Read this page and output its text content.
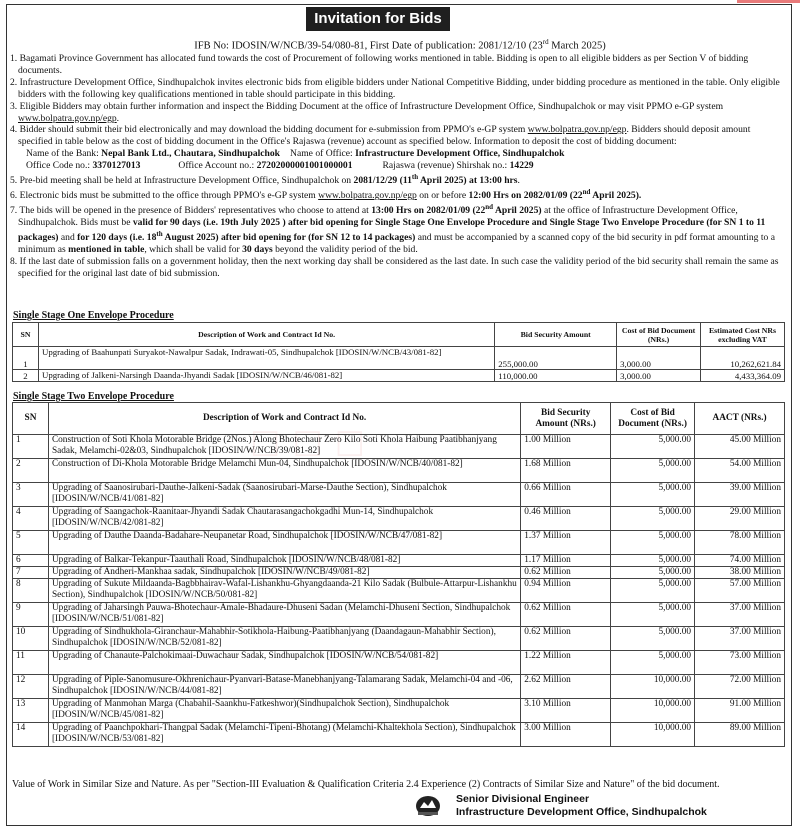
Invitation for Bids
IFB No: IDOSIN/W/NCB/39-54/080-81, First Date of publication: 2081/12/10 (23rd March 2025)
☐ ☐ ☐

1. Bagamati Province Government has allocated fund towards the cost of Procurement of following works mentioned in table. Bidding is open to all eligible bidders as per Section V of bidding documents.

2. Infrastructure Development Office, Sindhupalchok invites electronic bids from eligible bidders under National Competitive Bidding, under bidding procedure as mentioned in the table. Only eligible bidders with the following key qualifications mentioned in table should participate in this bidding.

3. Eligible Bidders may obtain further information and inspect the Bidding Document at the office of Infrastructure Development Office, Sindhupalchok or may visit PPMO e-GP system www.bolpatra.gov.np/egp.

4. Bidder should submit their bid electronically and may download the bidding document for e-submission from PPMO's e-GP system www.bolpatra.gov.np/egp. Bidders should deposit amount specified in table below as the cost of bidding document in the Office's Rajaswa (revenue) account as specified below. Information to deposit the cost of bidding document:

Name of the Bank: Nepal Bank Ltd., Chautara, Sindhupalchok Name of Office: Infrastructure Development Office, Sindhupalchok

Office Code no.: 3370127013	Office Account no.: 27202000001001000001	Rajaswa (revenue) Shirshak no.: 14229

5. Pre-bid meeting shall be held at Infrastructure Development Office, Sindhupalchok on 2081/12/29 (11th April 2025) at 13:00 hrs.

6. Electronic bids must be submitted to the office through PPMO's e-GP system www.bolpatra.gov.np/egp on or before 12:00 Hrs on 2082/01/09 (22nd April 2025).

7. The bids will be opened in the presence of Bidders' representatives who choose to attend at 13:00 Hrs on 2082/01/09 (22nd April 2025) at the office of Infrastructure Development Office, Sindhupalchok. Bids must be valid for 90 days (i.e. 19th July 2025 ) after bid opening for Single Stage One Envelope Procedure and Single Stage Two Envelope Procedure (for SN 1 to 11 packages) and for 120 days (i.e. 18th August 2025) after bid opening for (for SN 12 to 14 packages) and must be accompanied by a scanned copy of the bid security in pdf format amounting to a minimum as mentioned in table, which shall be valid for 30 days beyond the validity period of the bid.

8. If the last date of submission falls on a government holiday, then the next working day shall be considered as the last date. In such case the validity period of the bid security shall remain the same as specified for the original last date of bid submission.

Single Stage One Envelope Procedure
SN	Description of Work and Contract Id No.	Bid Security Amount	Cost of Bid Document (NRs.)	Estimated Cost NRs excluding VAT
1	Upgrading of Baahunpati Suryakot-Nawalpur Sadak, Indrawati-05, Sindhupalchok [IDOSIN/W/NCB/43/081-82]	255,000.00	3,000.00	10,262,621.84
2	Upgrading of Jalkeni-Narsingh Daanda-Jhyandi Sadak [IDOSIN/W/NCB/46/081-82]	110,000.00	3,000.00	4,433,364.09
Single Stage Two Envelope Procedure
SN	Description of Work and Contract Id No.	Bid Security Amount (NRs.)	Cost of Bid Document (NRs.)	AACT (NRs.)
1	Construction of Soti Khola Motorable Bridge (2Nos.) Along Bhotechaur Zero Kilo Soti Khola Haibung Paatibhanjyang Sadak, Melamchi-02&03, Sindhupalchok [IDOSIN/W/NCB/39/081-82]	1.00 Million	5,000.00	45.00 Million
2	Construction of Di-Khola Motorable Bridge Melamchi Mun-04, Sindhupalchok [IDOSIN/W/NCB/40/081-82]	1.68 Million	5,000.00	54.00 Million
3	Upgrading of Saanosirubari-Dauthe-Jalkeni-Sadak (Saanosirubari-Marse-Dauthe Section), Sindhupalchok [IDOSIN/W/NCB/41/081-82]	0.66 Million	5,000.00	39.00 Million
4	Upgrading of Saangachok-Raanitaar-Jhyandi Sadak Chautarasangachokgadhi Mun-14, Sindhupalchok [IDOSIN/W/NCB/42/081-82]	0.46 Million	5,000.00	29.00 Million
5	Upgrading of Dauthe Daanda-Badahare-Neupanetar Road, Sindhupalchok [IDOSIN/W/NCB/47/081-82]	1.37 Million	5,000.00	78.00 Million
6	Upgrading of Balkar-Tekanpur-Taauthali Road, Sindhupalchok [IDOSIN/W/NCB/48/081-82]	1.17 Million	5,000.00	74.00 Million
7	Upgrading of Andheri-Mankhaa sadak, Sindhupalchok [IDOSIN/W/NCB/49/081-82]	0.62 Million	5,000.00	38.00 Million
8	Upgrading of Sukute Mildaanda-Bagbbhairav-Wafal-Lishankhu-Ghyangdaanda-21 Kilo Sadak (Bulbule-Attarpur-Lishankhu Section), Sindhupalchok [IDOSIN/W/NCB/50/081-82]	0.94 Million	5,000.00	57.00 Million
9	Upgrading of Jaharsingh Pauwa-Bhotechaur-Amale-Bhadaure-Dhuseni Sadan (Melamchi-Dhuseni Section, Sindhupalchok [IDOSIN/W/NCB/51/081-82]	0.62 Million	5,000.00	37.00 Million
10	Upgrading of Sindhukhola-Giranchaur-Mahabhir-Sotikhola-Haibung-Paatibhanjyang (Daandagaun-Mahabhir Section), Sindhupalchok [IDOSIN/W/NCB/52/081-82]	0.62 Million	5,000.00	37.00 Million
11	Upgrading of Chanaute-Palchokimaai-Duwachaur Sadak, Sindhupalchok [IDOSIN/W/NCB/54/081-82]	1.22 Million	5,000.00	73.00 Million
12	Upgrading of Piple-Sanomusure-Okhrenichaur-Pyanvari-Batase-Manebhanjyang-Talamarang Sadak, Melamchi-04 and -06, Sindhupalchok [IDOSIN/W/NCB/44/081-82]	2.62 Million	10,000.00	72.00 Million
13	Upgrading of Manmohan Marga (Chabahil-Saankhu-Fatkeshwor)(Sindhupalchok Section), Sindhupalchok [IDOSIN/W/NCB/45/081-82]	3.10 Million	10,000.00	91.00 Million
14	Upgrading of Paanchpokhari-Thangpal Sadak (Melamchi-Tipeni-Bhotang) (Melamchi-Khaltekhola Section), Sindhupalchok [IDOSIN/W/NCB/53/081-82]	3.00 Million	10,000.00	89.00 Million
Value of Work in Similar Size and Nature. As per "Section-III Evaluation & Qualification Criteria 2.4 Experience (2) Contracts of Similar Size and Nature" of the bid document.
Senior Divisional Engineer
Infrastructure Development Office, Sindhupalchok
